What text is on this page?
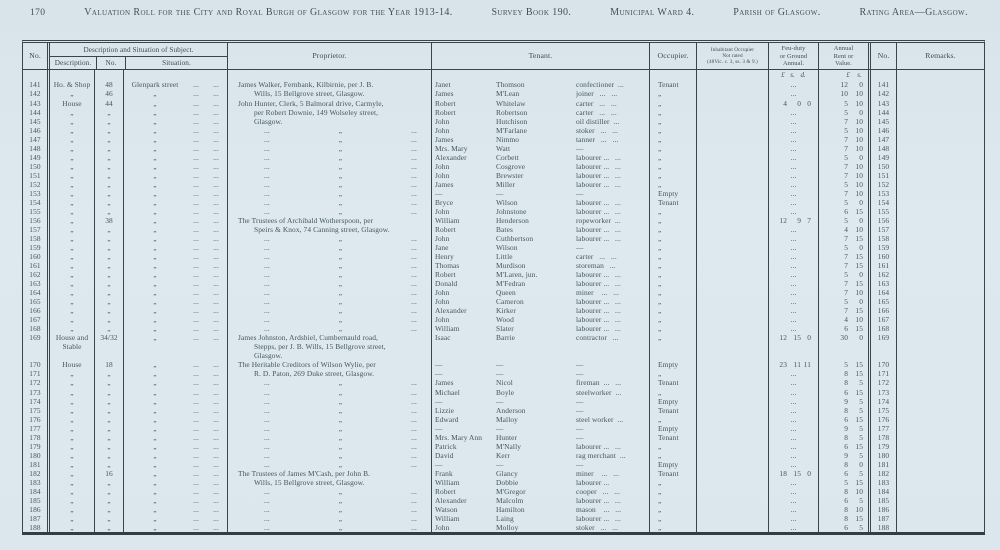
170	Valuation Roll for the City and Royal Burgh of Glasgow for the Year 1913-14.	Survey Book 190.	Municipal Ward 4.	Parish of Glasgow.	Rating Area—Glasgow.
No.
Description and Situation of Subject.
Description.	No.	Situation.
Proprietor.	Tenant.	Occupier.
Inhabitant Occupier
Not rated
(48Vic. c. 3, ss. 3 & 9.)
Feu-duty
or Ground
Annual.
Annual
Rent or
Value.
No.	Remarks.
£   s.   d.	£    s.
141	Ho. & Shop	48	Glenpark street	...	...	James Walker, Fernbank, Kilbirnie, per J. B.	Janet	Thomson	confectioner  ...	Tenant	...	12	0	141
142	„	46	„	...	...	Wills, 15 Bellgrove street, Glasgow.	James	M'Lean	joiner   ...   ...	„	...	10	10	142
143	House	44	„	...	...	John Hunter, Clerk, 5 Balmoral drive, Carmyle,	Robert	Whitelaw	carter   ...   ...	„	4	0 0	5	10	143
144	„	„	„	...	...	per Robert Downie, 149 Wolseley street,	Robert	Robertson	carter   ...   ...	„	...	5	0	144
145	„	„	„	...	...	Glasgow.	John	Hutchison	oil distiller  ...	„	...	7	10	145
146	„	„	„	...	...	...	„	...	John	M'Farlane	stoker   ...   ...	„	...	5	10	146
147	„	„	„	...	...	...	„	...	James	Nimmo	tanner   ...   ...	„	...	7	10	147
148	„	„	„	...	...	...	„	...	Mrs. Mary	Watt	—	„	...	7	10	148
149	„	„	„	...	...	...	„	...	Alexander	Corbett	labourer ...   ...	„	...	5	0	149
150	„	„	„	...	...	...	„	...	John	Cosgrove	labourer ...   ...	„	...	7	10	150
151	„	„	„	...	...	...	„	...	John	Brewster	labourer ...   ...	„	...	7	10	151
152	„	„	„	...	...	...	„	...	James	Miller	labourer ...   ...	„	...	5	10	152
153	„	„	„	...	...	...	„	...	—	—	—	Empty	...	7	10	153
154	„	„	„	...	...	...	„	...	Bryce	Wilson	labourer ...   ...	Tenant	...	5	0	154
155	„	„	„	...	...	...	„	...	John	Johnstone	labourer ...   ...	„	...	6	15	155
156	„	38	„	...	...	The Trustees of Archibald Wotherspoon, per	William	Henderson	ropeworker  ...	„	12	9 7	5	0	156
157	„	„	„	...	...	Speirs & Knox, 74 Canning street, Glasgow.	Robert	Bates	labourer ...   ...	„	...	4	10	157
158	„	„	„	...	...	...	„	...	John	Cuthbertson	labourer ...   ...	„	...	7	15	158
159	„	„	„	...	...	...	„	...	Jane	Wilson	—	„	...	5	0	159
160	„	„	„	...	...	...	„	...	Henry	Little	carter   ...   ...	„	...	7	15	160
161	„	„	„	...	...	...	„	...	Thomas	Murdison	storeman   ...	„	...	7	15	161
162	„	„	„	...	...	...	„	...	Robert	M'Laren, jun.	labourer ...   ...	„	...	5	0	162
163	„	„	„	...	...	...	„	...	Donald	M'Fedran	labourer ...   ...	„	...	7	15	163
164	„	„	„	...	...	...	„	...	John	Queen	miner    ...   ...	„	...	7	10	164
165	„	„	„	...	...	...	„	...	John	Cameron	labourer ...   ...	„	...	5	0	165
166	„	„	„	...	...	...	„	...	Alexander	Kirker	labourer ...   ...	„	...	7	15	166
167	„	„	„	...	...	...	„	...	John	Wood	labourer ...   ...	„	...	4	10	167
168	„	„	„	...	...	...	„	...	William	Slater	labourer ...   ...	„	...	6	15	168
169	House and	34/32	„	...	...	James Johnston, Ardshiel, Cumbernauld road,	Isaac	Barrie	contractor   ...	„	12 15 0	30	0	169
Stable	Stepps, per J. B. Wills, 15 Bellgrove street,
Glasgow.
170	House	18	„	...	...	The Heritable Creditors of Wilson Wylie, per	—	—	—	Empty	23 11 11	5	15	170
171	„	„	„	...	...	R. D. Paton, 269 Duke street, Glasgow.	—	—	—	„	...	8	15	171
172	„	„	„	...	...	...	„	...	James	Nicol	fireman  ...   ...	Tenant	...	8	5	172
173	„	„	„	...	...	...	„	...	Michael	Boyle	steelworker  ...	„	...	6	15	173
174	„	„	„	...	...	...	„	...	—	—	—	Empty	...	9	5	174
175	„	„	„	...	...	...	„	...	Lizzie	Anderson	—	Tenant	...	8	5	175
176	„	„	„	...	...	...	„	...	Edward	Malloy	steel worker  ...	„	...	6	15	176
177	„	„	„	...	...	...	„	...	—	—	—	Empty	...	9	5	177
178	„	„	„	...	...	...	„	...	Mrs. Mary Ann	Hunter	—	Tenant	...	8	5	178
179	„	„	„	...	...	...	„	...	Patrick	M'Nally	labourer ...   ...	„	...	6	15	179
180	„	„	„	...	...	...	„	...	David	Kerr	rag merchant  ...	„	...	9	5	180
181	„	„	„	...	...	...	„	...	—	—	—	Empty	...	8	0	181
182	„	16	„	...	...	The Trustees of James M'Cash, per John B.	Frank	Glancy	miner    ...   ...	Tenant	18 15 0	6	5	182
183	„	„	„	...	...	Wills, 15 Bellgrove street, Glasgow.	William	Dobbie	labourer ...	„	...	5	15	183
184	„	„	„	...	...	...	„	...	Robert	M'Gregor	cooper   ...   ...	„	...	8	10	184
185	„	„	„	...	...	...	„	...	Alexander	Malcolm	labourer ...   ...	„	...	6	5	185
186	„	„	„	...	...	...	„	...	Watson	Hamilton	mason    ...   ...	„	...	8	10	186
187	„	„	„	...	...	...	„	...	William	Laing	labourer ...   ...	„	...	8	15	187
188	„	„	„	...	...	...	„	...	John	Molloy	stoker   ...   ...	„	...	6	5	188
